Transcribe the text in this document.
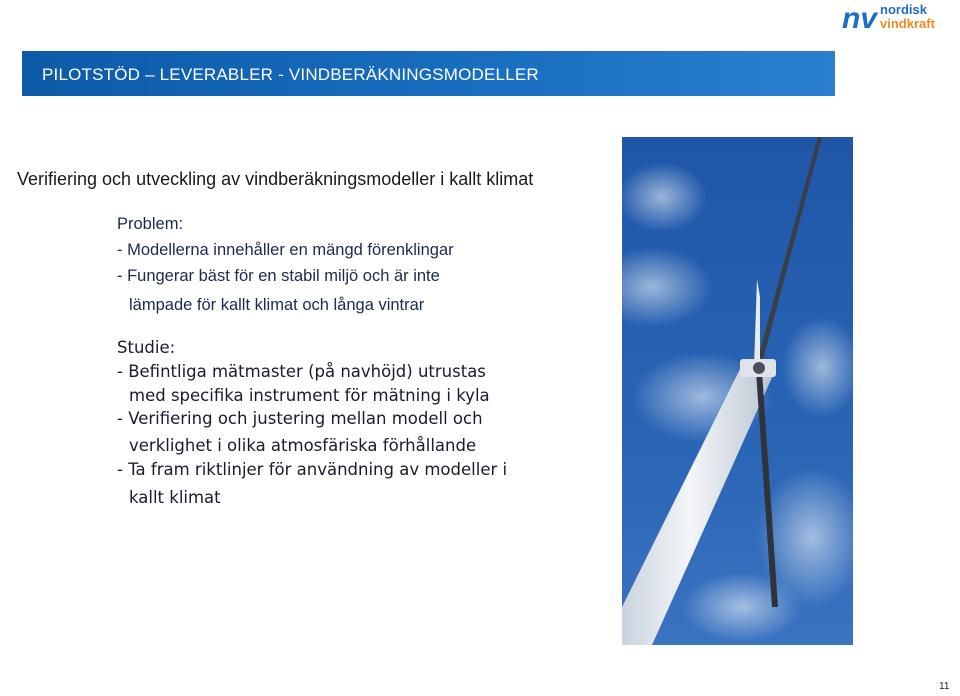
nv nordisk
vindkraft
PILOTSTÖD – LEVERABLER - VINDBERÄKNINGSMODELLER
Verifiering och utveckling av vindberäkningsmodeller i kallt klimat
Problem:
- Modellerna innehåller en mängd förenklingar
- Fungerar bäst för en stabil miljö och är inte
lämpade för kallt klimat och långa vintrar
Studie:
- Befintliga mätmaster (på navhöjd) utrustas
med specifika instrument för mätning i kyla
- Verifiering och justering mellan modell och
verklighet i olika atmosfäriska förhållande
- Ta fram riktlinjer för användning av modeller i
kallt klimat
11
